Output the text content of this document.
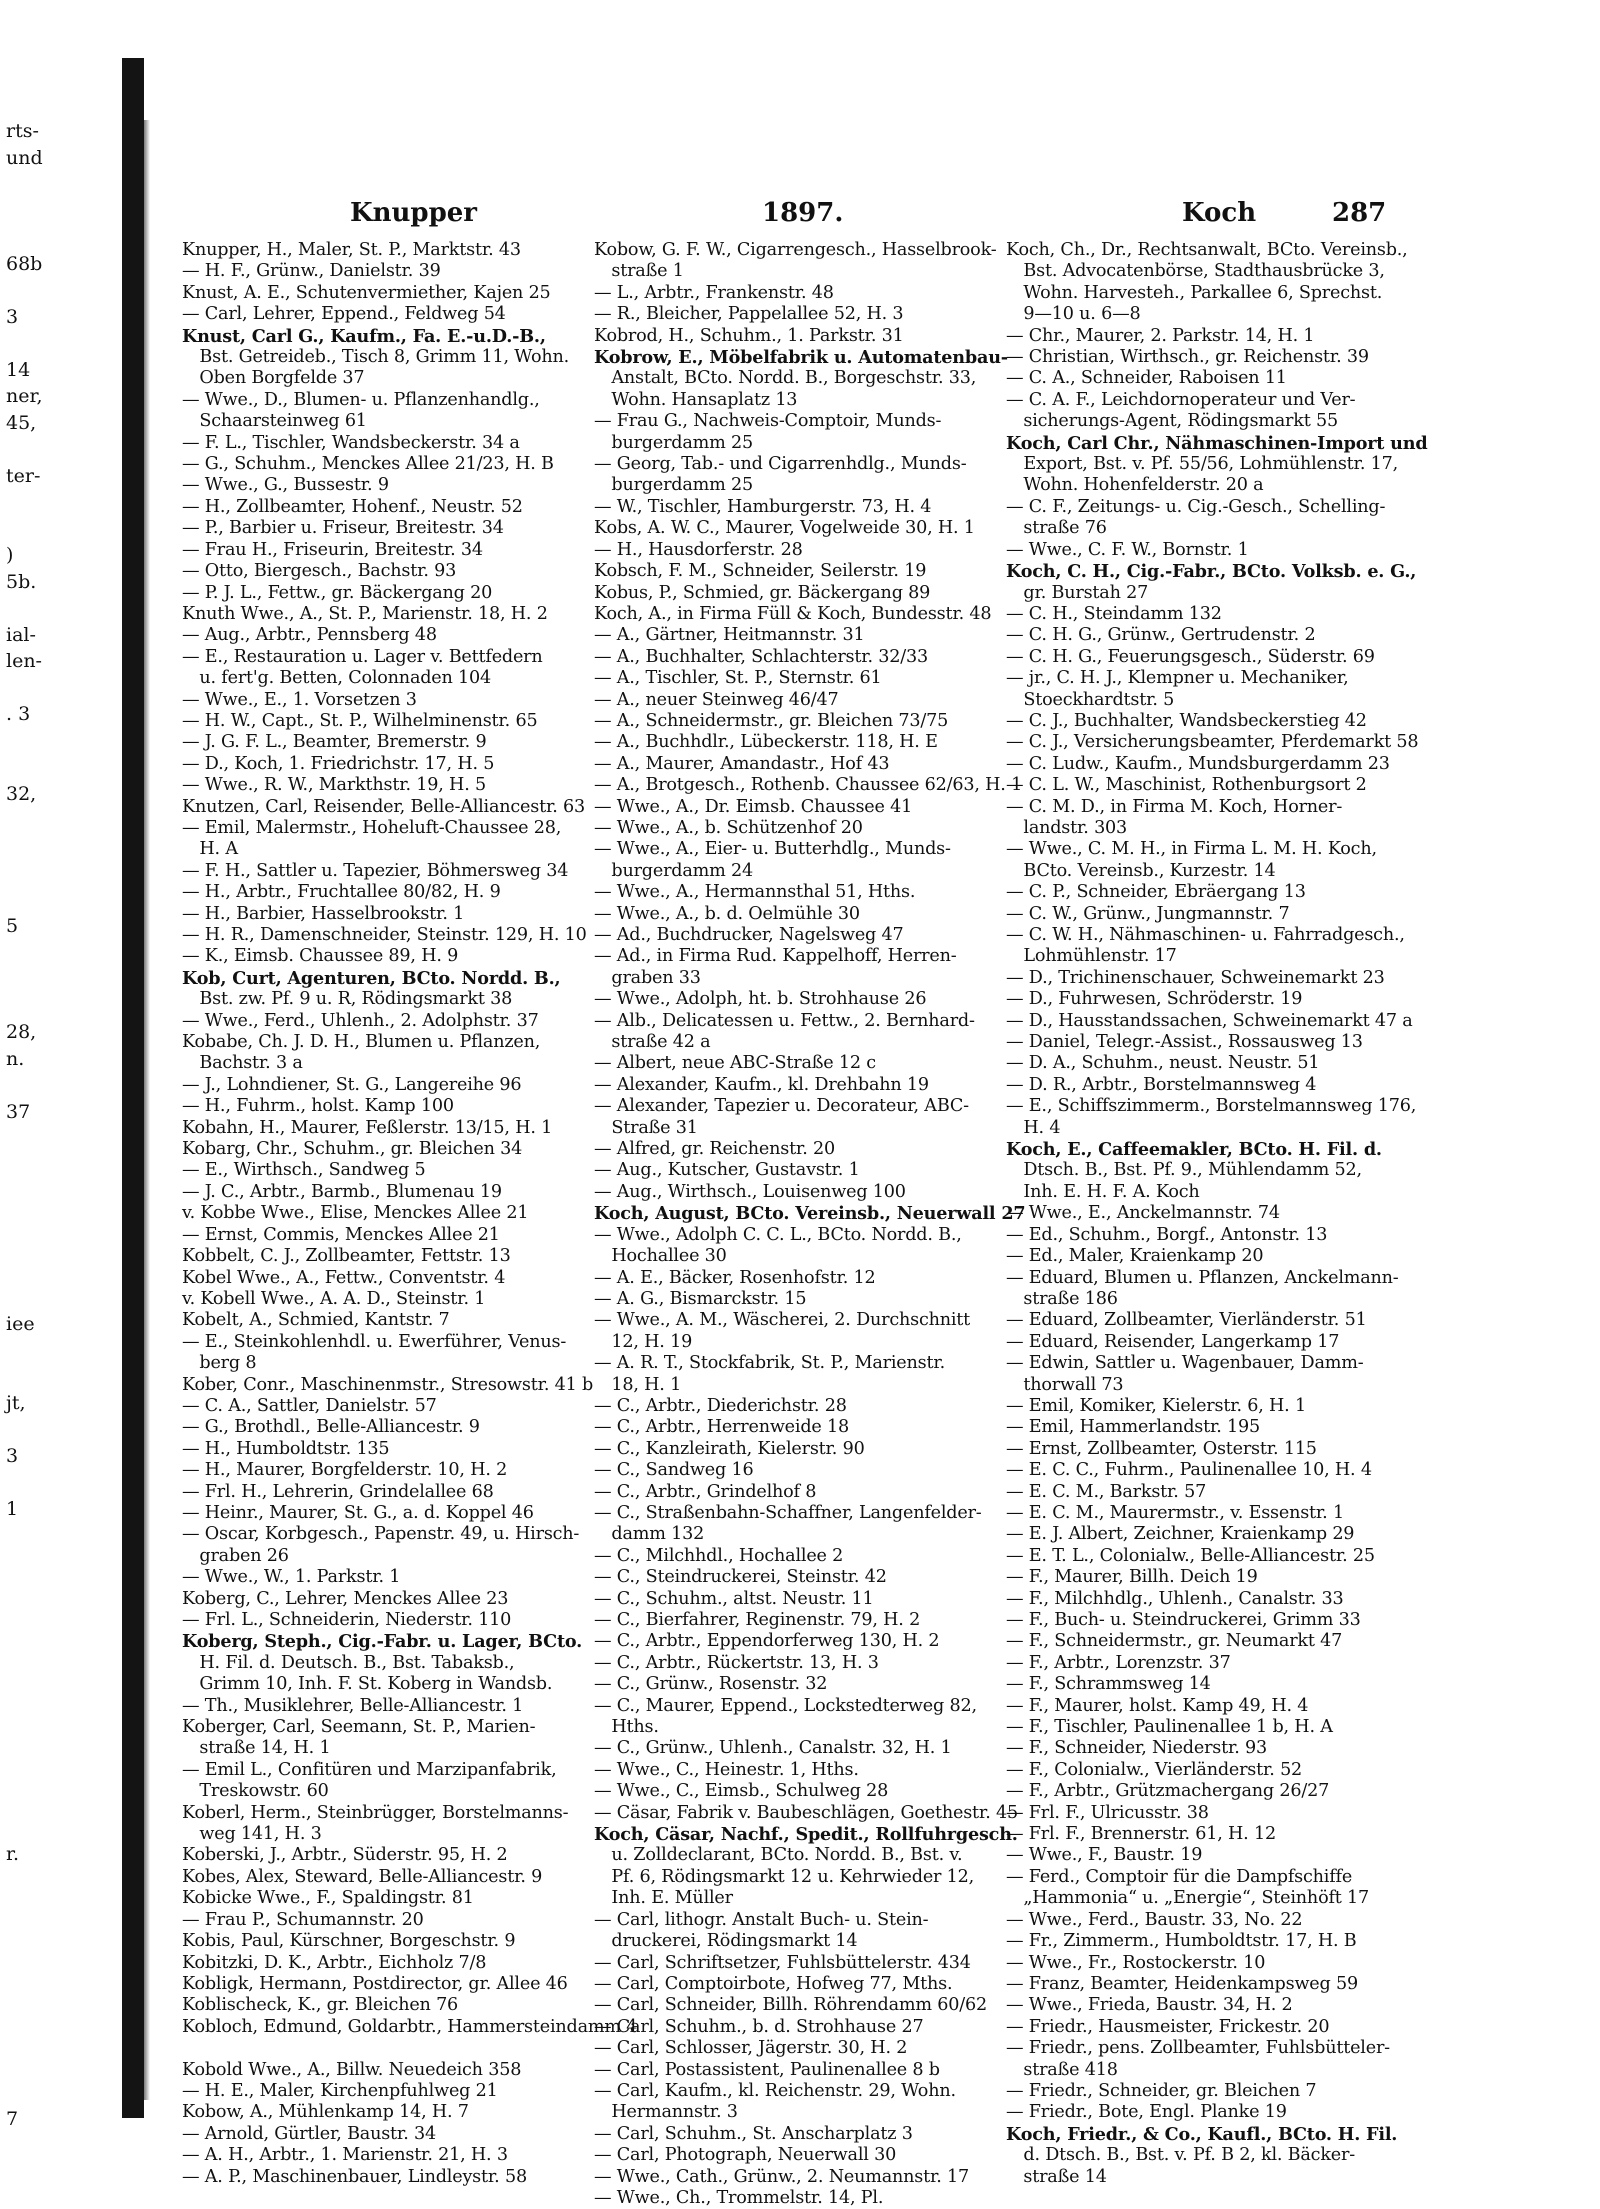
rts-
und
68b
3
14
ner,
45,
ter-
)
5b.
ial-
len-
. 3
32,
5
28,
n.
37
iee
jt,
3
1
r.
7
Knupper	1897.	Koch	287
Knupper, H., Maler, St. P., Marktstr. 43
— H. F., Grünw., Danielstr. 39
Knust, A. E., Schutenvermiether, Kajen 25
— Carl, Lehrer, Eppend., Feldweg 54
Knust, Carl G., Kaufm., Fa. E.-u.D.-B.,
 Bst. Getreideb., Tisch 8, Grimm 11, Wohn.
 Oben Borgfelde 37
— Wwe., D., Blumen- u. Pflanzenhandlg.,
 Schaarsteinweg 61
— F. L., Tischler, Wandsbeckerstr. 34 a
— G., Schuhm., Menckes Allee 21/23, H. B
— Wwe., G., Bussestr. 9
— H., Zollbeamter, Hohenf., Neustr. 52
— P., Barbier u. Friseur, Breitestr. 34
— Frau H., Friseurin, Breitestr. 34
— Otto, Biergesch., Bachstr. 93
— P. J. L., Fettw., gr. Bäckergang 20
Knuth Wwe., A., St. P., Marienstr. 18, H. 2
— Aug., Arbtr., Pennsberg 48
— E., Restauration u. Lager v. Bettfedern
 u. fert'g. Betten, Colonnaden 104
— Wwe., E., 1. Vorsetzen 3
— H. W., Capt., St. P., Wilhelminenstr. 65
— J. G. F. L., Beamter, Bremerstr. 9
— D., Koch, 1. Friedrichstr. 17, H. 5
— Wwe., R. W., Markthstr. 19, H. 5
Knutzen, Carl, Reisender, Belle-Alliancestr. 63
— Emil, Malermstr., Hoheluft-Chaussee 28,
 H. A
— F. H., Sattler u. Tapezier, Böhmersweg 34
— H., Arbtr., Fruchtallee 80/82, H. 9
— H., Barbier, Hasselbrookstr. 1
— H. R., Damenschneider, Steinstr. 129, H. 10
— K., Eimsb. Chaussee 89, H. 9
Kob, Curt, Agenturen, BCto. Nordd. B.,
 Bst. zw. Pf. 9 u. R, Rödingsmarkt 38
— Wwe., Ferd., Uhlenh., 2. Adolphstr. 37
Kobabe, Ch. J. D. H., Blumen u. Pflanzen,
 Bachstr. 3 a
— J., Lohndiener, St. G., Langereihe 96
— H., Fuhrm., holst. Kamp 100
Kobahn, H., Maurer, Feßlerstr. 13/15, H. 1
Kobarg, Chr., Schuhm., gr. Bleichen 34
— E., Wirthsch., Sandweg 5
— J. C., Arbtr., Barmb., Blumenau 19
v. Kobbe Wwe., Elise, Menckes Allee 21
— Ernst, Commis, Menckes Allee 21
Kobbelt, C. J., Zollbeamter, Fettstr. 13
Kobel Wwe., A., Fettw., Conventstr. 4
v. Kobell Wwe., A. A. D., Steinstr. 1
Kobelt, A., Schmied, Kantstr. 7
— E., Steinkohlenhdl. u. Ewerführer, Venus-
 berg 8
Kober, Conr., Maschinenmstr., Stresowstr. 41 b
— C. A., Sattler, Danielstr. 57
— G., Brothdl., Belle-Alliancestr. 9
— H., Humboldtstr. 135
— H., Maurer, Borgfelderstr. 10, H. 2
— Frl. H., Lehrerin, Grindelallee 68
— Heinr., Maurer, St. G., a. d. Koppel 46
— Oscar, Korbgesch., Papenstr. 49, u. Hirsch-
 graben 26
— Wwe., W., 1. Parkstr. 1
Koberg, C., Lehrer, Menckes Allee 23
— Frl. L., Schneiderin, Niederstr. 110
Koberg, Steph., Cig.-Fabr. u. Lager, BCto.
 H. Fil. d. Deutsch. B., Bst. Tabaksb.,
 Grimm 10, Inh. F. St. Koberg in Wandsb.
— Th., Musiklehrer, Belle-Alliancestr. 1
Koberger, Carl, Seemann, St. P., Marien-
 straße 14, H. 1
— Emil L., Confitüren und Marzipanfabrik,
 Treskowstr. 60
Koberl, Herm., Steinbrügger, Borstelmanns-
 weg 141, H. 3
Koberski, J., Arbtr., Süderstr. 95, H. 2
Kobes, Alex, Steward, Belle-Alliancestr. 9
Kobicke Wwe., F., Spaldingstr. 81
— Frau P., Schumannstr. 20
Kobis, Paul, Kürschner, Borgeschstr. 9
Kobitzki, D. K., Arbtr., Eichholz 7/8
Kobligk, Hermann, Postdirector, gr. Allee 46
Koblischeck, K., gr. Bleichen 76
Kobloch, Edmund, Goldarbtr., Hammersteindamm 4

Kobold Wwe., A., Billw. Neuedeich 358
— H. E., Maler, Kirchenpfuhlweg 21
Kobow, A., Mühlenkamp 14, H. 7
— Arnold, Gürtler, Baustr. 34
— A. H., Arbtr., 1. Marienstr. 21, H. 3
— A. P., Maschinenbauer, Lindleystr. 58
Kobow, G. F. W., Cigarrengesch., Hasselbrook-
 straße 1
— L., Arbtr., Frankenstr. 48
— R., Bleicher, Pappelallee 52, H. 3
Kobrod, H., Schuhm., 1. Parkstr. 31
Kobrow, E., Möbelfabrik u. Automatenbau-
 Anstalt, BCto. Nordd. B., Borgeschstr. 33,
 Wohn. Hansaplatz 13
— Frau G., Nachweis-Comptoir, Munds-
 burgerdamm 25
— Georg, Tab.- und Cigarrenhdlg., Munds-
 burgerdamm 25
— W., Tischler, Hamburgerstr. 73, H. 4
Kobs, A. W. C., Maurer, Vogelweide 30, H. 1
— H., Hausdorferstr. 28
Kobsch, F. M., Schneider, Seilerstr. 19
Kobus, P., Schmied, gr. Bäckergang 89
Koch, A., in Firma Füll & Koch, Bundesstr. 48
— A., Gärtner, Heitmannstr. 31
— A., Buchhalter, Schlachterstr. 32/33
— A., Tischler, St. P., Sternstr. 61
— A., neuer Steinweg 46/47
— A., Schneidermstr., gr. Bleichen 73/75
— A., Buchhdlr., Lübeckerstr. 118, H. E
— A., Maurer, Amandastr., Hof 43
— A., Brotgesch., Rothenb. Chaussee 62/63, H. 1
— Wwe., A., Dr. Eimsb. Chaussee 41
— Wwe., A., b. Schützenhof 20
— Wwe., A., Eier- u. Butterhdlg., Munds-
 burgerdamm 24
— Wwe., A., Hermannsthal 51, Hths.
— Wwe., A., b. d. Oelmühle 30
— Ad., Buchdrucker, Nagelsweg 47
— Ad., in Firma Rud. Kappelhoff, Herren-
 graben 33
— Wwe., Adolph, ht. b. Strohhause 26
— Alb., Delicatessen u. Fettw., 2. Bernhard-
 straße 42 a
— Albert, neue ABC-Straße 12 c
— Alexander, Kaufm., kl. Drehbahn 19
— Alexander, Tapezier u. Decorateur, ABC-
 Straße 31
— Alfred, gr. Reichenstr. 20
— Aug., Kutscher, Gustavstr. 1
— Aug., Wirthsch., Louisenweg 100
Koch, August, BCto. Vereinsb., Neuerwall 27
— Wwe., Adolph C. C. L., BCto. Nordd. B.,
 Hochallee 30
— A. E., Bäcker, Rosenhofstr. 12
— A. G., Bismarckstr. 15
— Wwe., A. M., Wäscherei, 2. Durchschnitt
 12, H. 19
— A. R. T., Stockfabrik, St. P., Marienstr.
 18, H. 1
— C., Arbtr., Diederichstr. 28
— C., Arbtr., Herrenweide 18
— C., Kanzleirath, Kielerstr. 90
— C., Sandweg 16
— C., Arbtr., Grindelhof 8
— C., Straßenbahn-Schaffner, Langenfelder-
 damm 132
— C., Milchhdl., Hochallee 2
— C., Steindruckerei, Steinstr. 42
— C., Schuhm., altst. Neustr. 11
— C., Bierfahrer, Reginenstr. 79, H. 2
— C., Arbtr., Eppendorferweg 130, H. 2
— C., Arbtr., Rückertstr. 13, H. 3
— C., Grünw., Rosenstr. 32
— C., Maurer, Eppend., Lockstedterweg 82,
 Hths.
— C., Grünw., Uhlenh., Canalstr. 32, H. 1
— Wwe., C., Heinestr. 1, Hths.
— Wwe., C., Eimsb., Schulweg 28
— Cäsar, Fabrik v. Baubeschlägen, Goethestr. 45
Koch, Cäsar, Nachf., Spedit., Rollfuhrgesch.
 u. Zolldeclarant, BCto. Nordd. B., Bst. v.
 Pf. 6, Rödingsmarkt 12 u. Kehrwieder 12,
 Inh. E. Müller
— Carl, lithogr. Anstalt Buch- u. Stein-
 druckerei, Rödingsmarkt 14
— Carl, Schriftsetzer, Fuhlsbüttelerstr. 434
— Carl, Comptoirbote, Hofweg 77, Mths.
— Carl, Schneider, Billh. Röhrendamm 60/62
— Carl, Schuhm., b. d. Strohhause 27
— Carl, Schlosser, Jägerstr. 30, H. 2
— Carl, Postassistent, Paulinenallee 8 b
— Carl, Kaufm., kl. Reichenstr. 29, Wohn.
 Hermannstr. 3
— Carl, Schuhm., St. Anscharplatz 3
— Carl, Photograph, Neuerwall 30
— Wwe., Cath., Grünw., 2. Neumannstr. 17
— Wwe., Ch., Trommelstr. 14, Pl.
Koch, Ch., Dr., Rechtsanwalt, BCto. Vereinsb.,
 Bst. Advocatenbörse, Stadthausbrücke 3,
 Wohn. Harvesteh., Parkallee 6, Sprechst.
 9—10 u. 6—8
— Chr., Maurer, 2. Parkstr. 14, H. 1
— Christian, Wirthsch., gr. Reichenstr. 39
— C. A., Schneider, Raboisen 11
— C. A. F., Leichdornoperateur und Ver-
 sicherungs-Agent, Rödingsmarkt 55
Koch, Carl Chr., Nähmaschinen-Import und
 Export, Bst. v. Pf. 55/56, Lohmühlenstr. 17,
 Wohn. Hohenfelderstr. 20 a
— C. F., Zeitungs- u. Cig.-Gesch., Schelling-
 straße 76
— Wwe., C. F. W., Bornstr. 1
Koch, C. H., Cig.-Fabr., BCto. Volksb. e. G.,
 gr. Burstah 27
— C. H., Steindamm 132
— C. H. G., Grünw., Gertrudenstr. 2
— C. H. G., Feuerungsgesch., Süderstr. 69
— jr., C. H. J., Klempner u. Mechaniker,
 Stoeckhardtstr. 5
— C. J., Buchhalter, Wandsbeckerstieg 42
— C. J., Versicherungsbeamter, Pferdemarkt 58
— C. Ludw., Kaufm., Mundsburgerdamm 23
— C. L. W., Maschinist, Rothenburgsort 2
— C. M. D., in Firma M. Koch, Horner-
 landstr. 303
— Wwe., C. M. H., in Firma L. M. H. Koch,
 BCto. Vereinsb., Kurzestr. 14
— C. P., Schneider, Ebräergang 13
— C. W., Grünw., Jungmannstr. 7
— C. W. H., Nähmaschinen- u. Fahrradgesch.,
 Lohmühlenstr. 17
— D., Trichinenschauer, Schweinemarkt 23
— D., Fuhrwesen, Schröderstr. 19
— D., Hausstandssachen, Schweinemarkt 47 a
— Daniel, Telegr.-Assist., Rossausweg 13
— D. A., Schuhm., neust. Neustr. 51
— D. R., Arbtr., Borstelmannsweg 4
— E., Schiffszimmerm., Borstelmannsweg 176,
 H. 4
Koch, E., Caffeemakler, BCto. H. Fil. d.
 Dtsch. B., Bst. Pf. 9., Mühlendamm 52,
 Inh. E. H. F. A. Koch
— Wwe., E., Anckelmannstr. 74
— Ed., Schuhm., Borgf., Antonstr. 13
— Ed., Maler, Kraienkamp 20
— Eduard, Blumen u. Pflanzen, Anckelmann-
 straße 186
— Eduard, Zollbeamter, Vierländerstr. 51
— Eduard, Reisender, Langerkamp 17
— Edwin, Sattler u. Wagenbauer, Damm-
 thorwall 73
— Emil, Komiker, Kielerstr. 6, H. 1
— Emil, Hammerlandstr. 195
— Ernst, Zollbeamter, Osterstr. 115
— E. C. C., Fuhrm., Paulinenallee 10, H. 4
— E. C. M., Barkstr. 57
— E. C. M., Maurermstr., v. Essenstr. 1
— E. J. Albert, Zeichner, Kraienkamp 29
— E. T. L., Colonialw., Belle-Alliancestr. 25
— F., Maurer, Billh. Deich 19
— F., Milchhdlg., Uhlenh., Canalstr. 33
— F., Buch- u. Steindruckerei, Grimm 33
— F., Schneidermstr., gr. Neumarkt 47
— F., Arbtr., Lorenzstr. 37
— F., Schrammsweg 14
— F., Maurer, holst. Kamp 49, H. 4
— F., Tischler, Paulinenallee 1 b, H. A
— F., Schneider, Niederstr. 93
— F., Colonialw., Vierländerstr. 52
— F., Arbtr., Grützmachergang 26/27
— Frl. F., Ulricusstr. 38
— Frl. F., Brennerstr. 61, H. 12
— Wwe., F., Baustr. 19
— Ferd., Comptoir für die Dampfschiffe
 „Hammonia“ u. „Energie“, Steinhöft 17
— Wwe., Ferd., Baustr. 33, No. 22
— Fr., Zimmerm., Humboldtstr. 17, H. B
— Wwe., Fr., Rostockerstr. 10
— Franz, Beamter, Heidenkampsweg 59
— Wwe., Frieda, Baustr. 34, H. 2
— Friedr., Hausmeister, Frickestr. 20
— Friedr., pens. Zollbeamter, Fuhlsbütteler-
 straße 418
— Friedr., Schneider, gr. Bleichen 7
— Friedr., Bote, Engl. Planke 19
Koch, Friedr., & Co., Kaufl., BCto. H. Fil.
 d. Dtsch. B., Bst. v. Pf. B 2, kl. Bäcker-
 straße 14
